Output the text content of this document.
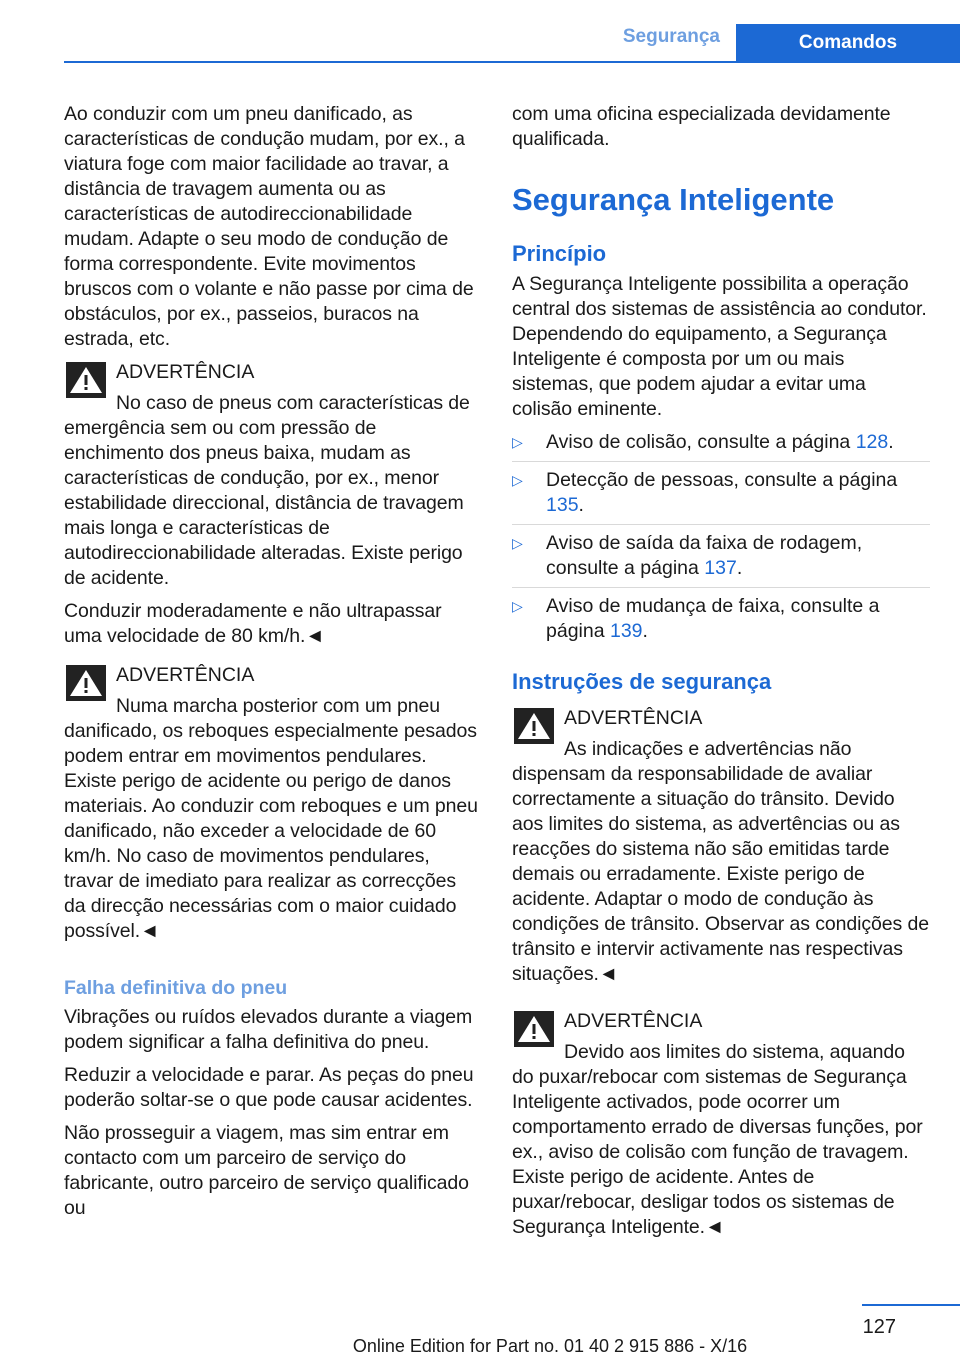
Segurança	Comandos

Ao conduzir com um pneu danificado, as características de condução mudam, por ex., a viatura foge com maior facilidade ao travar, a distância de travagem aumenta ou as características de autodireccionabilidade mudam. Adapte o seu modo de condução de forma correspondente. Evite movimentos bruscos com o volante e não passe por cima de obstáculos, por ex., passeios, buracos na estrada, etc.

ADVERTÊNCIA

No caso de pneus com características de emergência sem ou com pressão de enchimento dos pneus baixa, mudam as características de condução, por ex., menor estabilidade direccional, distância de travagem mais longa e características de autodireccionabilidade alteradas. Existe perigo de acidente.

Conduzir moderadamente e não ultrapassar uma velocidade de 80 km/h.◄

ADVERTÊNCIA

Numa marcha posterior com um pneu danificado, os reboques especialmente pesados podem entrar em movimentos pendulares. Existe perigo de acidente ou perigo de danos materiais. Ao conduzir com reboques e um pneu danificado, não exceder a velocidade de 60 km/h. No caso de movimentos pendulares, travar de imediato para realizar as correcções da direcção necessárias com o maior cuidado possível.◄

Falha definitiva do pneu

Vibrações ou ruídos elevados durante a viagem podem significar a falha definitiva do pneu.

Reduzir a velocidade e parar. As peças do pneu poderão soltar-se o que pode causar acidentes.

Não prosseguir a viagem, mas sim entrar em contacto com um parceiro de serviço do fabricante, outro parceiro de serviço qualificado ou

com uma oficina especializada devidamente qualificada.

Segurança Inteligente
Princípio

A Segurança Inteligente possibilita a operação central dos sistemas de assistência ao condutor. Dependendo do equipamento, a Segurança Inteligente é composta por um ou mais sistemas, que podem ajudar a evitar uma colisão eminente.

▷ Aviso de colisão, consulte a página 128.
▷ Detecção de pessoas, consulte a página 135.
▷ Aviso de saída da faixa de rodagem, consulte a página 137.
▷ Aviso de mudança de faixa, consulte a página 139.
Instruções de segurança
ADVERTÊNCIA

As indicações e advertências não dispensam da responsabilidade de avaliar correctamente a situação do trânsito. Devido aos limites do sistema, as advertências ou as reacções do sistema não são emitidas tarde demais ou erradamente. Existe perigo de acidente. Adaptar o modo de condução às condições de trânsito. Observar as condições de trânsito e intervir activamente nas respectivas situações.◄

ADVERTÊNCIA

Devido aos limites do sistema, aquando do puxar/rebocar com sistemas de Segurança Inteligente activados, pode ocorrer um comportamento errado de diversas funções, por ex., aviso de colisão com função de travagem. Existe perigo de acidente. Antes de puxar/rebocar, desligar todos os sistemas de Segurança Inteligente.◄

127
Online Edition for Part no. 01 40 2 915 886 - X/16
